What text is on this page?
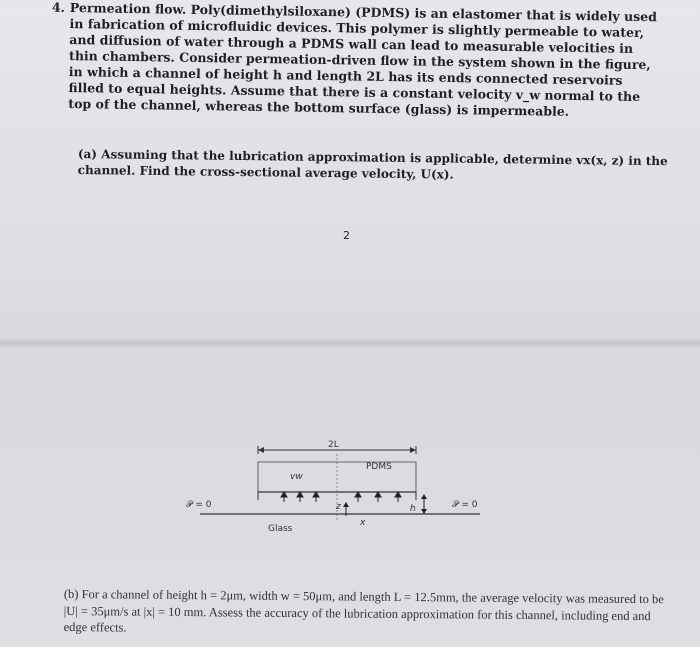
4. Permeation flow. Poly(dimethylsiloxane) (PDMS) is an elastomer that is widely used in fabrication of microfluidic devices. This polymer is slightly permeable to water, and diffusion of water through a PDMS wall can lead to measurable velocities in thin chambers. Consider permeation-driven flow in the system shown in the figure, in which a channel of height h and length 2L has its ends connected reservoirs filled to equal heights. Assume that there is a constant velocity v_w normal to the top of the channel, whereas the bottom surface (glass) is impermeable.
(a) Assuming that the lubrication approximation is applicable, determine vx(x, z) in the channel. Find the cross-sectional average velocity, U(x).
2
2L
PDMS
vw
𝒫 = 0	𝒫 = 0
z	h
x
Glass
(b) For a channel of height h = 2μm, width w = 50μm, and length L = 12.5mm, the average velocity was measured to be |U| = 35μm/s at |x| = 10 mm. Assess the accuracy of the lubrication approximation for this channel, including end and edge effects.
